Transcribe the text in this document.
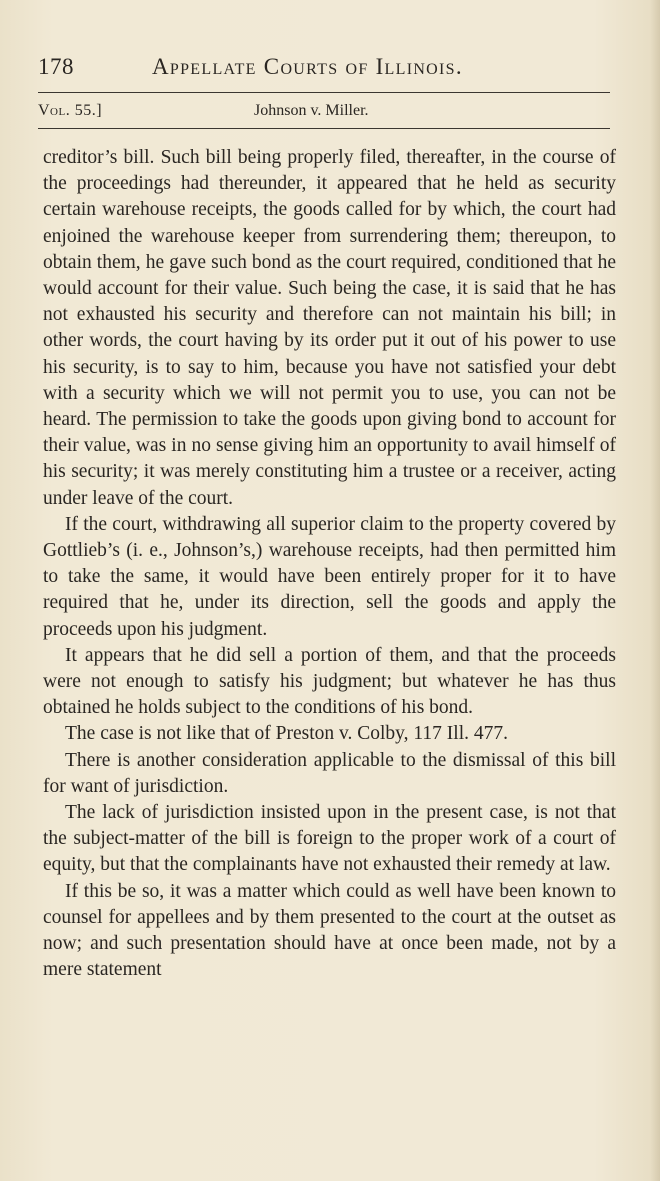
178	Appellate Courts of Illinois.
Vol. 55.]	Johnson v. Miller.

creditor’s bill. Such bill being properly filed, thereafter, in the course of the proceedings had thereunder, it appeared that he held as security certain warehouse receipts, the goods called for by which, the court had enjoined the warehouse keeper from surrendering them; thereupon, to obtain them, he gave such bond as the court required, conditioned that he would account for their value. Such being the case, it is said that he has not exhausted his security and therefore can not maintain his bill; in other words, the court having by its order put it out of his power to use his security, is to say to him, because you have not satisfied your debt with a security which we will not permit you to use, you can not be heard. The permission to take the goods upon giving bond to account for their value, was in no sense giving him an opportunity to avail himself of his security; it was merely constituting him a trustee or a receiver, acting under leave of the court.

If the court, withdrawing all superior claim to the property covered by Gottlieb’s (i. e., Johnson’s,) warehouse receipts, had then permitted him to take the same, it would have been entirely proper for it to have required that he, under its direction, sell the goods and apply the proceeds upon his judgment.

It appears that he did sell a portion of them, and that the proceeds were not enough to satisfy his judgment; but whatever he has thus obtained he holds subject to the conditions of his bond.

The case is not like that of Preston v. Colby, 117 Ill. 477.

There is another consideration applicable to the dismissal of this bill for want of jurisdiction.

The lack of jurisdiction insisted upon in the present case, is not that the subject-matter of the bill is foreign to the proper work of a court of equity, but that the complainants have not exhausted their remedy at law.

If this be so, it was a matter which could as well have been known to counsel for appellees and by them presented to the court at the outset as now; and such presentation should have at once been made, not by a mere statement
